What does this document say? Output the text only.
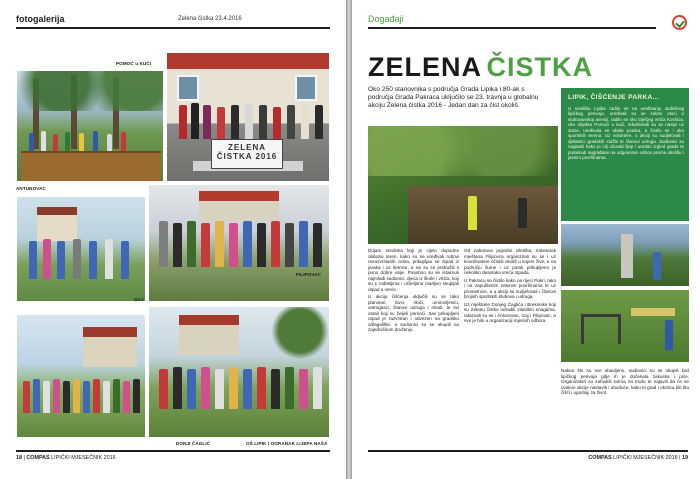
fotogalerija	Zelena čistka 23.4.2016
ZELENA ČISTKA 2016
POMOĆ u KUĆI
ANTUNOVAC
FILIPOVAC
GAJ
DONJI ČAGLIĆ	OŠ LIPIK I OGRANAK LIJEPA NAŠA
18 | COMPAS LIPIČKI MJESEČNIK 2016
Događaji
ZELENA ČISTKA
Oko 250 stanovnika s područja Grada Lipika i 80-ak s područja Grada Pakraca uključilo se 23. travnja u globalnu akciju Zelena čistka 2016 - Jedan dan za čist okoliš.
LIPIK, ČIŠĆENJE PARKA...
U središtu Lipika radilo se na uređivanju stubišnog lipičkog perivoja, uređivali su se zeleni otoci u stukovanskoj aveniji, radilo se oko Dječjeg vrtića Kockica, oko objekta Pomoći u kući, rekultivirali su se nasipi uz staze, uređivala se obala potoka, a čistilo se i oko sportskih terena. Uz volontere, u akciji su sudjelovali i djelatnici gradskih službi te članovi udruga. Sudionici su naglasili kako je cilj očuvati lijep i uredan izgled grada te potaknuti sugrađane na odgovoran odnos prema okolišu i javnim površinama.

Dojam sredinka koji je cijelo dopodne obilazio teren, kako su se uređivali rubovi nerazvrstanih cesta, prikupljao se otpad iz jaraka i uz šetnice, a svi su se pridružili s puno dobre volje. Posebno su se istaknuli najmlađi sudionici, djeca iz škole i vrtića, koji su s roditeljima i učiteljima marljivo skupljali otpad u vreće.

U akciju čišćenja uključili su se tako planinari, lovci, ribiči, umirovljenici, vatrogasci, članovi udruga i mladi, te svi ostali koji su željeli pomoći. Sav prikupljeni otpad je razvrstan i odvezen na gradsko odlagalište, a sudionici su se okupili na zajedničkom druženju.

Od zaborava pojedini izletišta, tridesetak mještana Filipovca organizirali su se i uz koordinatore očistili okoliš u kojem žive, a na području šume i uz potok prikupljeno je nekoliko desetaka vreća otpada.

U Pakracu se čistilo kako na rijeci Pakri, tako i na zapuštenim zelenim površinama te uz prometnice, a u akciji su sudjelovali i članovi brojnih sportskih klubova i udruga.

Uz mještane Donjeg Čaglića i Brekinske koji su Zelenu čistku odradili vlastitim snagama, odazvali su se i Antunovac, Gaj i Filipovac, a sve je bilo u organizaciji mjesnih odbora.

Nakon što su sve obavljeno, sudionici su se okupili kod lipičkog perivoja gdje ih je dočekala zakuska i piće. Organizatori su zahvalili svima na trudu te najavili da će se ovakve akcije nastaviti i ubuduće, kako bi grad i okolica bili što čišći i ugodniji za život.

COMPAS LIPIČKI MJESEČNIK 2016 | 19
